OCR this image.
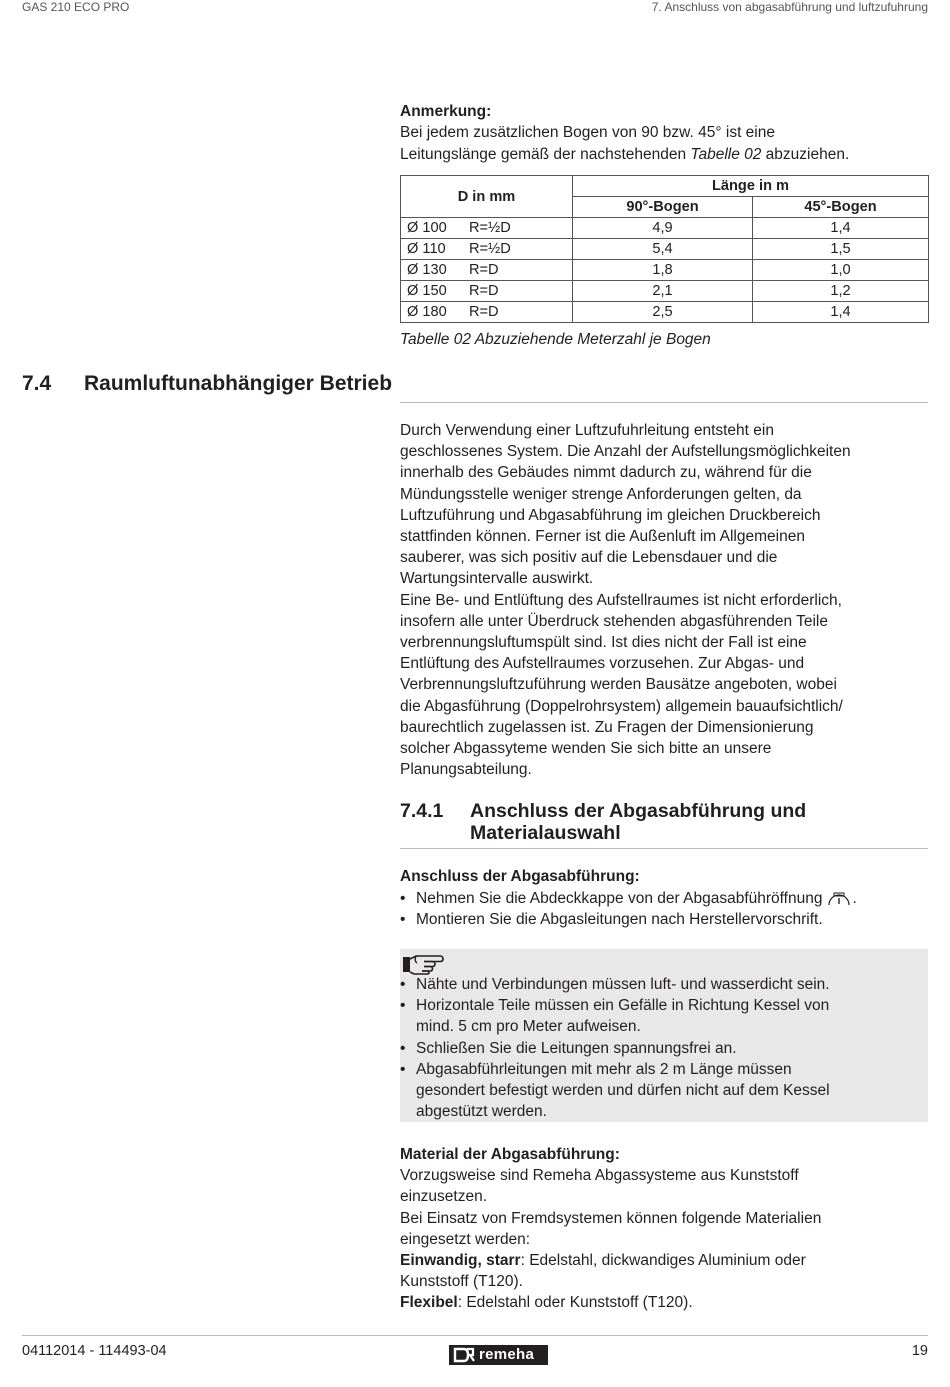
GAS 210 ECO PRO	7. Anschluss von abgasabführung und luftzufuhrung
Anmerkung:
Bei jedem zusätzlichen Bogen von 90 bzw. 45° ist eine
Leitungslänge gemäß der nachstehenden Tabelle 02 abzuziehen.
D in mm	Länge in m	
	90°-Bogen	45°-Bogen
Ø 100 R=½D	4,9	1,4
Ø 110 R=½D	5,4	1,5
Ø 130 R=D	1,8	1,0
Ø 150 R=D	2,1	1,2
Ø 180 R=D	2,5	1,4
Tabelle 02 Abzuziehende Meterzahl je Bogen
7.4 Raumluftunabhängiger Betrieb
Durch Verwendung einer Luftzufuhrleitung entsteht ein
geschlossenes System. Die Anzahl der Aufstellungsmöglichkeiten
innerhalb des Gebäudes nimmt dadurch zu, während für die
Mündungsstelle weniger strenge Anforderungen gelten, da
Luftzuführung und Abgasabführung im gleichen Druckbereich
stattfinden können. Ferner ist die Außenluft im Allgemeinen
sauberer, was sich positiv auf die Lebensdauer und die
Wartungsintervalle auswirkt.
Eine Be- und Entlüftung des Aufstellraumes ist nicht erforderlich,
insofern alle unter Überdruck stehenden abgasführenden Teile
verbrennungsluftumspült sind. Ist dies nicht der Fall ist eine
Entlüftung des Aufstellraumes vorzusehen. Zur Abgas- und
Verbrennungsluftzuführung werden Bausätze angeboten, wobei
die Abgasführung (Doppelrohrsystem) allgemein bauaufsichtlich/
baurechtlich zugelassen ist. Zu Fragen der Dimensionierung
solcher Abgassyteme wenden Sie sich bitte an unsere
Planungsabteilung.
7.4.1 Anschluss der Abgasabführung und
Materialauswahl
Anschluss der Abgasabführung:
• Nehmen Sie die Abdeckkappe von der Abgasabführöffnung .
• Montieren Sie die Abgasleitungen nach Herstellervorschrift.
• Nähte und Verbindungen müssen luft- und wasserdicht sein.
• Horizontale Teile müssen ein Gefälle in Richtung Kessel von
mind. 5 cm pro Meter aufweisen.
• Schließen Sie die Leitungen spannungsfrei an.
• Abgasabführleitungen mit mehr als 2 m Länge müssen
gesondert befestigt werden und dürfen nicht auf dem Kessel
abgestützt werden.
Material der Abgasabführung:
Vorzugsweise sind Remeha Abgassysteme aus Kunststoff
einzusetzen.
Bei Einsatz von Fremdsystemen können folgende Materialien
eingesetzt werden:
Einwandig, starr: Edelstahl, dickwandiges Aluminium oder
Kunststoff (T120).
Flexibel: Edelstahl oder Kunststoff (T120).
04112014 - 114493-04	remeha	19
